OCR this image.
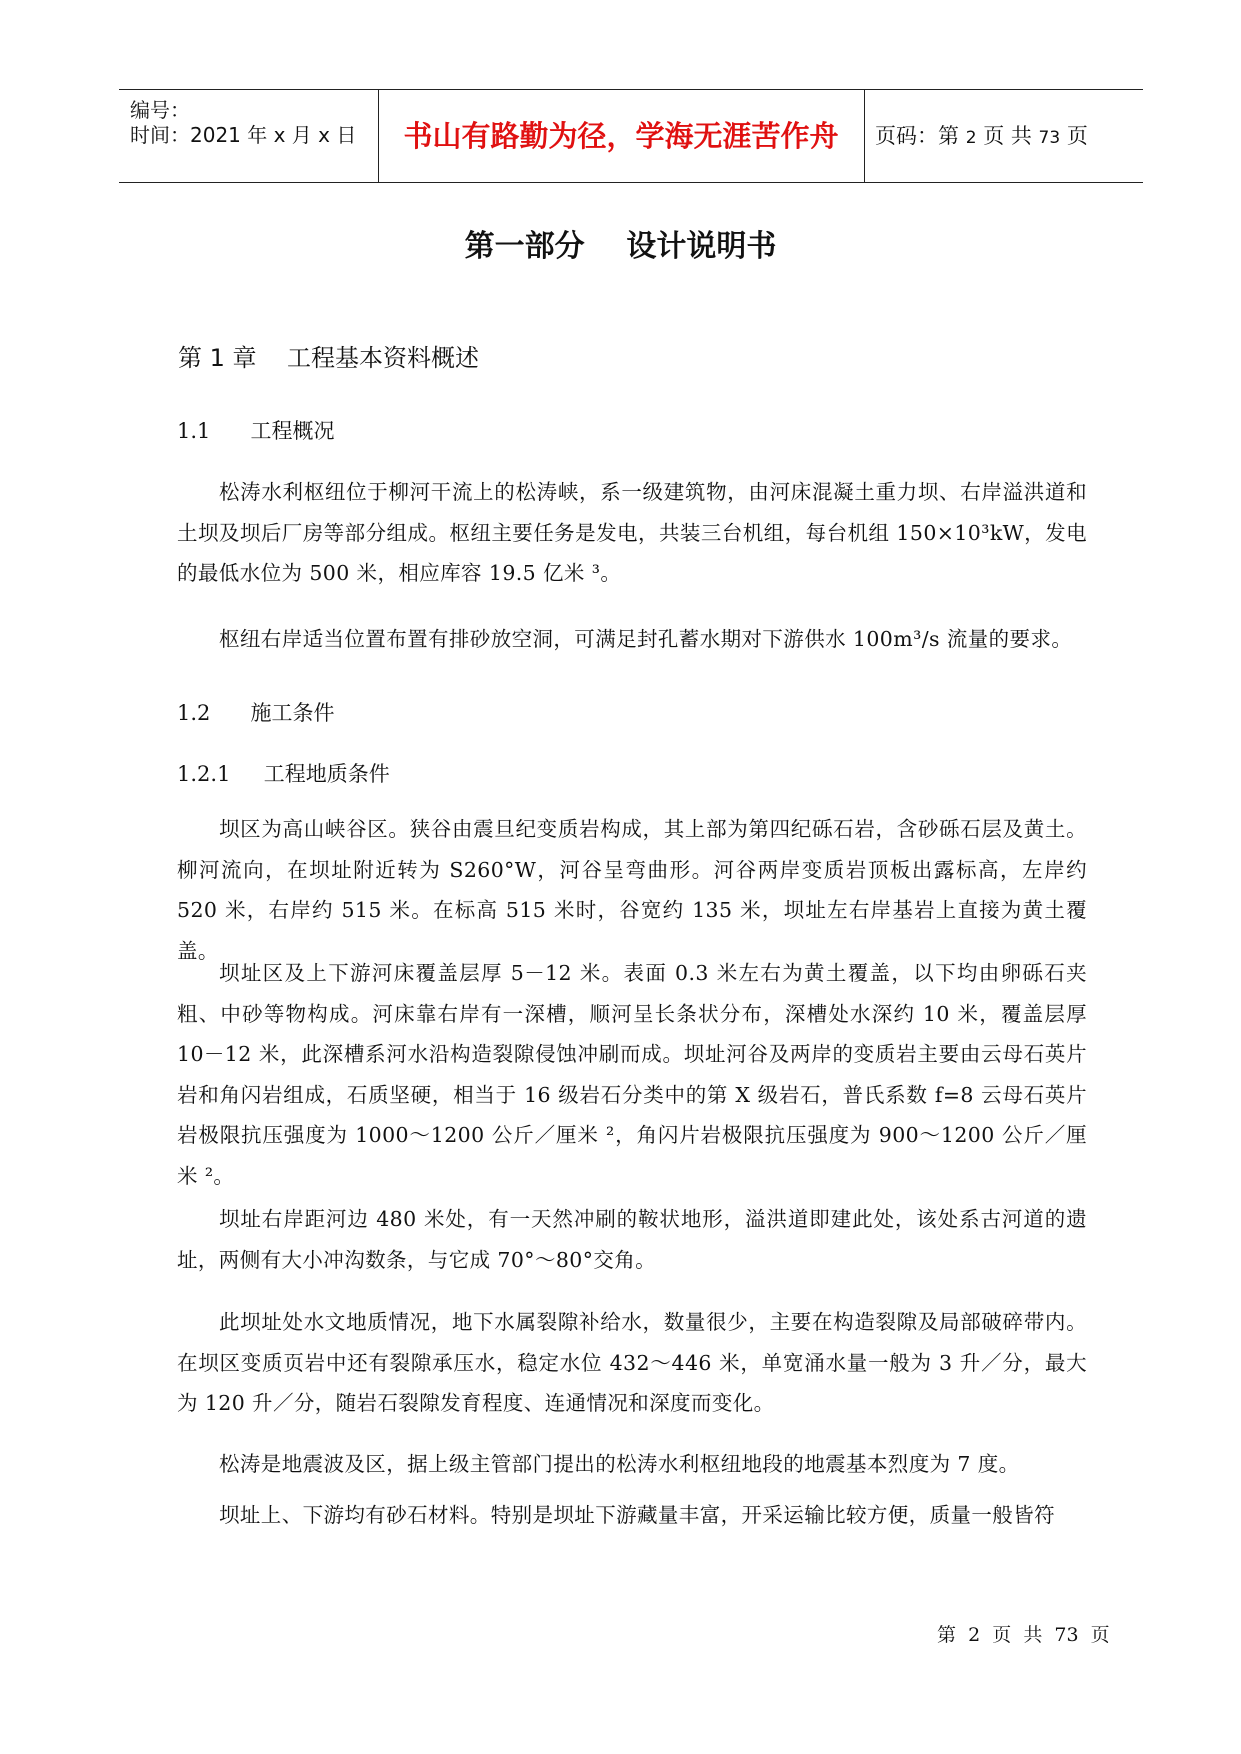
编号：
时间：2021 年 x 月 x 日	书山有路勤为径，学海无涯苦作舟	页码：第 2 页 共 73 页
第一部分    设计说明书
第 1 章    工程基本资料概述
1.1      工程概况
松涛水利枢纽位于柳河干流上的松涛峡，系一级建筑物，由河床混凝土重力坝、右岸溢洪道和土坝及坝后厂房等部分组成。枢纽主要任务是发电，共装三台机组，每台机组 150×10³kW，发电的最低水位为 500 米，相应库容 19.5 亿米 ³。
枢纽右岸适当位置布置有排砂放空洞，可满足封孔蓄水期对下游供水 100m³/s 流量的要求。
1.2      施工条件
1.2.1     工程地质条件
坝区为高山峡谷区。狭谷由震旦纪变质岩构成，其上部为第四纪砾石岩，含砂砾石层及黄土。柳河流向，在坝址附近转为 S260°W，河谷呈弯曲形。河谷两岸变质岩顶板出露标高，左岸约 520 米，右岸约 515 米。在标高 515 米时，谷宽约 135 米，坝址左右岸基岩上直接为黄土覆盖。
坝址区及上下游河床覆盖层厚 5－12 米。表面 0.3 米左右为黄土覆盖，以下均由卵砾石夹粗、中砂等物构成。河床靠右岸有一深槽，顺河呈长条状分布，深槽处水深约 10 米，覆盖层厚 10－12 米，此深槽系河水沿构造裂隙侵蚀冲刷而成。坝址河谷及两岸的变质岩主要由云母石英片岩和角闪岩组成，石质坚硬，相当于 16 级岩石分类中的第 X 级岩石，普氏系数 f=8 云母石英片岩极限抗压强度为 1000～1200 公斤／厘米 ²，角闪片岩极限抗压强度为 900～1200 公斤／厘米 ²。
坝址右岸距河边 480 米处，有一天然冲刷的鞍状地形，溢洪道即建此处，该处系古河道的遗址，两侧有大小冲沟数条，与它成 70°～80°交角。
此坝址处水文地质情况，地下水属裂隙补给水，数量很少，主要在构造裂隙及局部破碎带内。在坝区变质页岩中还有裂隙承压水，稳定水位 432～446 米，单宽涌水量一般为 3 升／分，最大为 120 升／分，随岩石裂隙发育程度、连通情况和深度而变化。
松涛是地震波及区，据上级主管部门提出的松涛水利枢纽地段的地震基本烈度为 7 度。
坝址上、下游均有砂石材料。特别是坝址下游藏量丰富，开采运输比较方便，质量一般皆符
第  2  页  共  73  页
